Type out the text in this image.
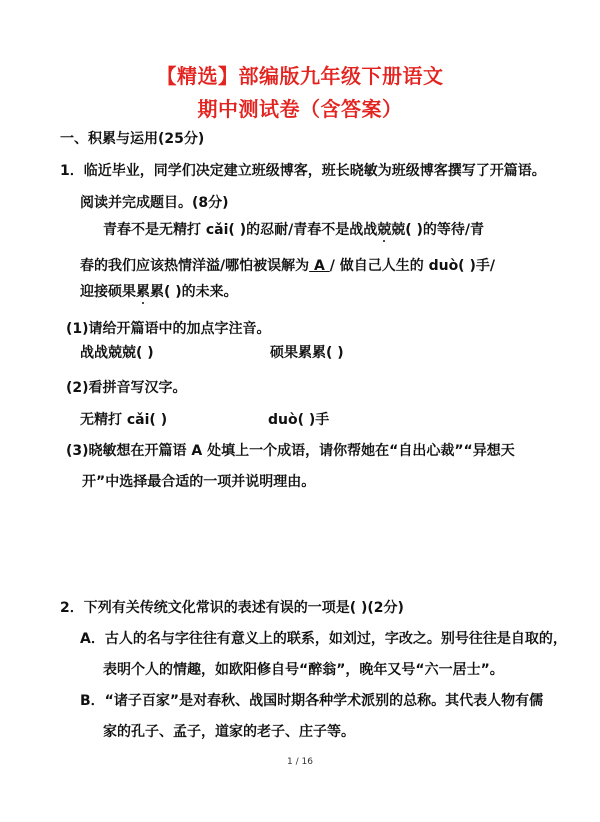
【精选】部编版九年级下册语文
期中测试卷（含答案）
一、积累与运用(25分)
1．临近毕业，同学们决定建立班级博客，班长晓敏为班级博客撰写了开篇语。
阅读并完成题目。(8分)
青春不是无精打 cǎi( )的忍耐/青春不是战战兢兢( )的等待/青
春的我们应该热情洋溢/哪怕被误解为 A / 做自己人生的 duò( )手/
迎接硕果累累( )的未来。
(1)请给开篇语中的加点字注音。
战战兢兢( )	硕果累累( )
(2)看拼音写汉字。
无精打 cǎi( )	duò( )手
(3)晓敏想在开篇语 A 处填上一个成语，请你帮她在“自出心裁”“异想天
开”中选择最合适的一项并说明理由。
2．下列有关传统文化常识的表述有误的一项是( )(2分)
A．古人的名与字往往有意义上的联系，如刘过，字改之。别号往往是自取的，
表明个人的情趣，如欧阳修自号“醉翁”，晚年又号“六一居士”。
B．“诸子百家”是对春秋、战国时期各种学术派别的总称。其代表人物有儒
家的孔子、孟子，道家的老子、庄子等。
1 / 16
